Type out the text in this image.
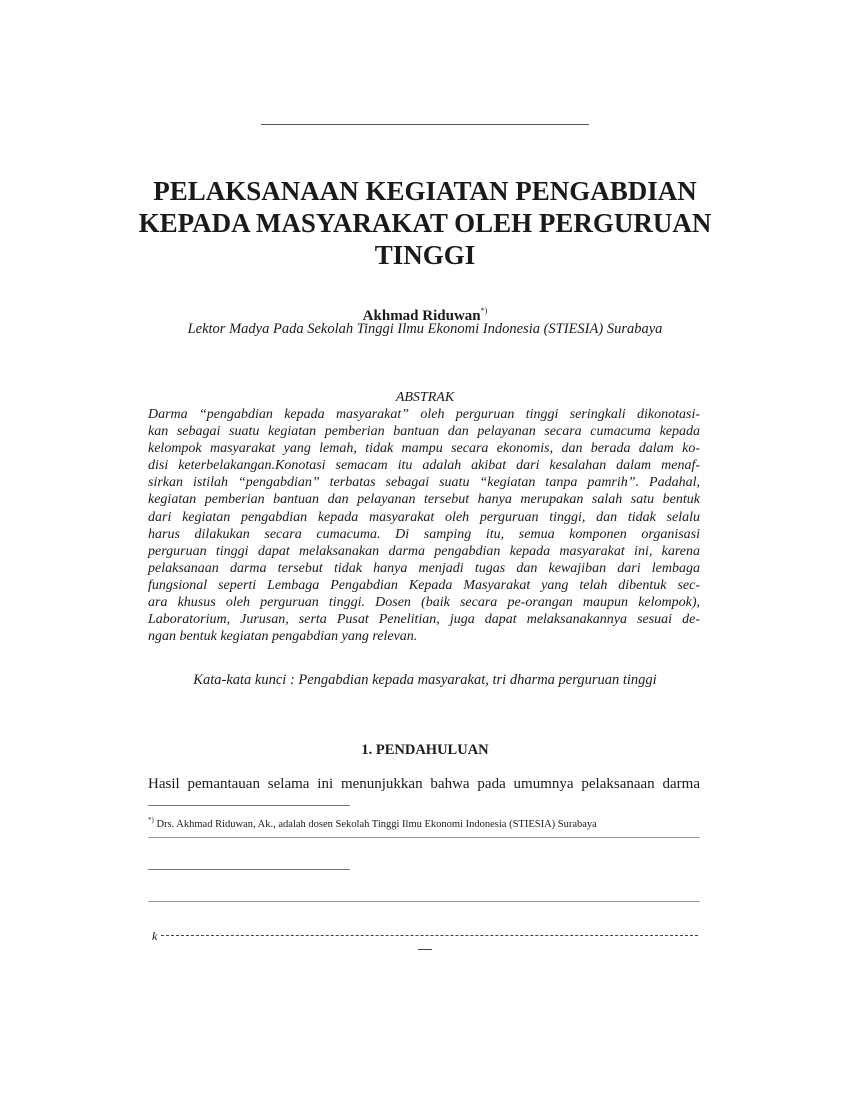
PELAKSANAAN KEGIATAN PENGABDIAN
KEPADA MASYARAKAT OLEH PERGURUAN
TINGGI
Akhmad Riduwan*)
Lektor Madya Pada Sekolah Tinggi Ilmu Ekonomi Indonesia (STIESIA) Surabaya
ABSTRAK
Darma “pengabdian kepada masyarakat” oleh perguruan tinggi seringkali dikonotasi-
kan sebagai suatu kegiatan pemberian bantuan dan pelayanan secara cumacuma kepada
kelompok masyarakat yang lemah, tidak mampu secara ekonomis, dan berada dalam ko-
disi keterbelakangan.Konotasi semacam itu adalah akibat dari kesalahan dalam menaf-
sirkan istilah “pengabdian” terbatas sebagai suatu “kegiatan tanpa pamrih”. Padahal,
kegiatan pemberian bantuan dan pelayanan tersebut hanya merupakan salah satu bentuk
dari kegiatan pengabdian kepada masyarakat oleh perguruan tinggi, dan tidak selalu
harus dilakukan secara cumacuma. Di samping itu, semua komponen organisasi
perguruan tinggi dapat melaksanakan darma pengabdian kepada masyarakat ini, karena
pelaksanaan darma tersebut tidak hanya menjadi tugas dan kewajiban dari lembaga
fungsional seperti Lembaga Pengabdian Kepada Masyarakat yang telah dibentuk sec-
ara khusus oleh perguruan tinggi. Dosen (baik secara pe-orangan maupun kelompok),
Laboratorium, Jurusan, serta Pusat Penelitian, juga dapat melaksanakannya sesuai de-
ngan bentuk kegiatan pengabdian yang relevan.
Kata-kata kunci : Pengabdian kepada masyarakat, tri dharma perguruan tinggi
1. PENDAHULUAN
Hasil pemantauan selama ini menunjukkan bahwa pada umumnya pelaksanaan darma
*) Drs. Akhmad Riduwan, Ak., adalah dosen Sekolah Tinggi Ilmu Ekonomi Indonesia (STIESIA) Surabaya
k
